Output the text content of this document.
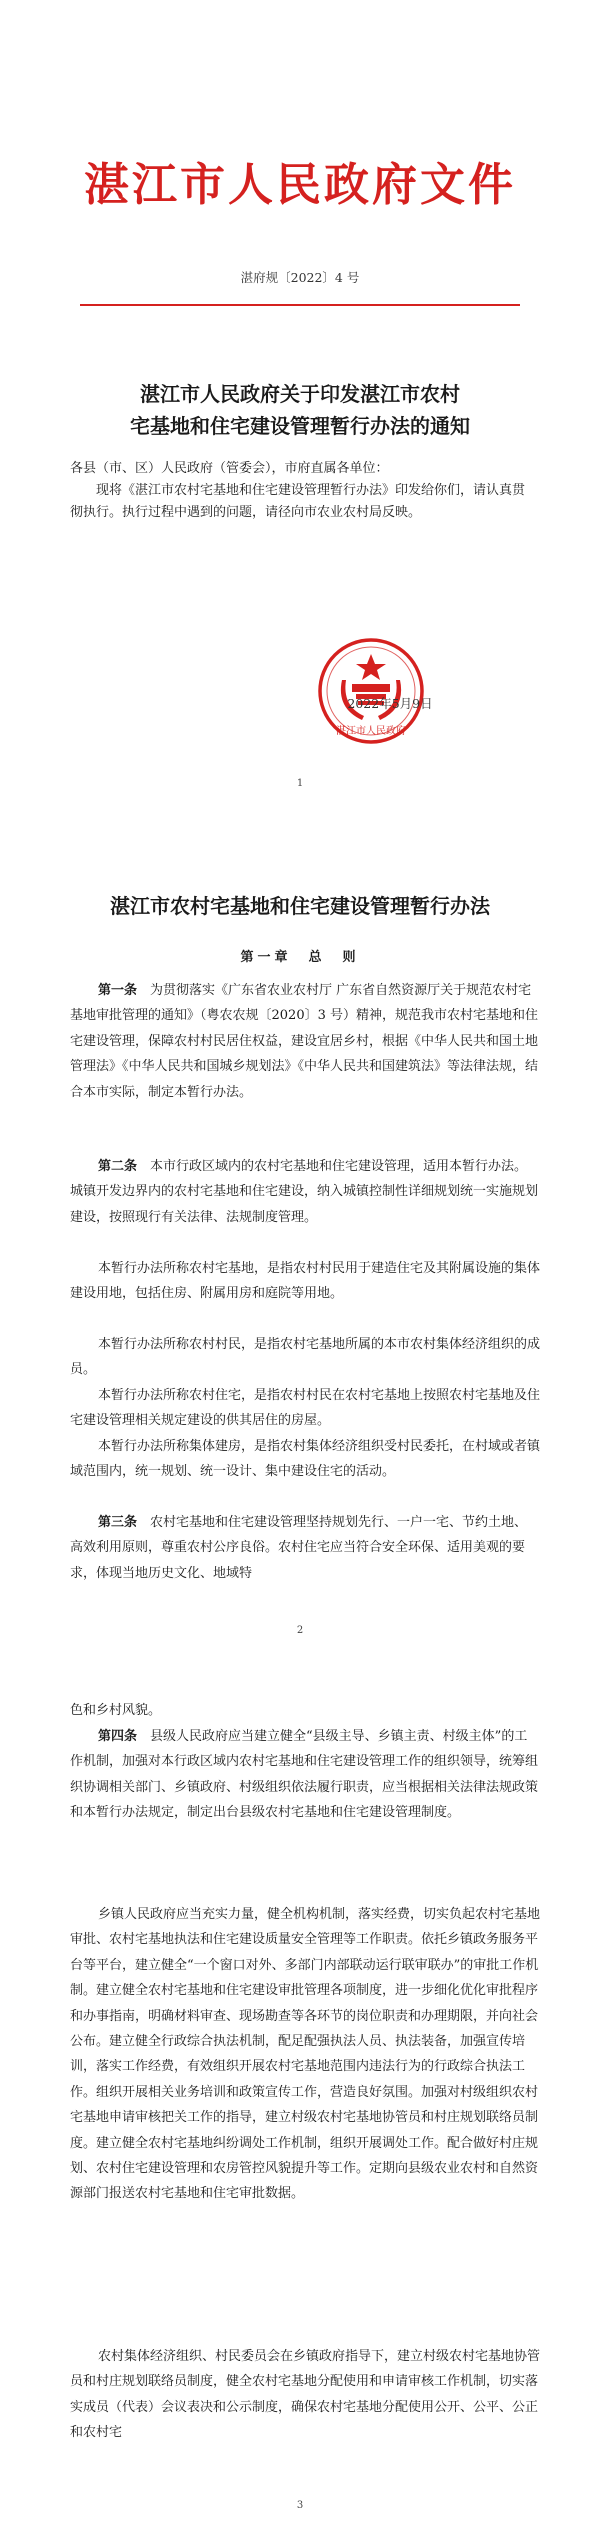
湛江市人民政府文件
湛府规〔2022〕4 号
湛江市人民政府关于印发湛江市农村
宅基地和住宅建设管理暂行办法的通知

各县（市、区）人民政府（管委会），市府直属各单位：

现将《湛江市农村宅基地和住宅建设管理暂行办法》印发给你们，请认真贯彻执行。执行过程中遇到的问题，请径向市农业农村局反映。

湛江市人民政府
2022年5月9日
1
湛江市农村宅基地和住宅建设管理暂行办法
第一章　总　则

第一条　 为贯彻落实《广东省农业农村厅 广东省自然资源厅关于规范农村宅基地审批管理的通知》（粤农农规〔2020〕3 号）精神，规范我市农村宅基地和住宅建设管理，保障农村村民居住权益，建设宜居乡村，根据《中华人民共和国土地管理法》《中华人民共和国城乡规划法》《中华人民共和国建筑法》等法律法规，结合本市实际，制定本暂行办法。

第二条　 本市行政区域内的农村宅基地和住宅建设管理，适用本暂行办法。城镇开发边界内的农村宅基地和住宅建设，纳入城镇控制性详细规划统一实施规划建设，按照现行有关法律、法规制度管理。

本暂行办法所称农村宅基地，是指农村村民用于建造住宅及其附属设施的集体建设用地，包括住房、附属用房和庭院等用地。

本暂行办法所称农村村民，是指农村宅基地所属的本市农村集体经济组织的成员。

本暂行办法所称农村住宅，是指农村村民在农村宅基地上按照农村宅基地及住宅建设管理相关规定建设的供其居住的房屋。

本暂行办法所称集体建房，是指农村集体经济组织受村民委托，在村域或者镇域范围内，统一规划、统一设计、集中建设住宅的活动。

第三条　 农村宅基地和住宅建设管理坚持规划先行、一户一宅、节约土地、高效利用原则，尊重农村公序良俗。农村住宅应当符合安全环保、适用美观的要求，体现当地历史文化、地域特

2

色和乡村风貌。

第四条　 县级人民政府应当建立健全“县级主导、乡镇主责、村级主体”的工作机制，加强对本行政区域内农村宅基地和住宅建设管理工作的组织领导，统筹组织协调相关部门、乡镇政府、村级组织依法履行职责，应当根据相关法律法规政策和本暂行办法规定，制定出台县级农村宅基地和住宅建设管理制度。

乡镇人民政府应当充实力量，健全机构机制，落实经费，切实负起农村宅基地审批、农村宅基地执法和住宅建设质量安全管理等工作职责。依托乡镇政务服务平台等平台，建立健全“一个窗口对外、多部门内部联动运行联审联办”的审批工作机制。建立健全农村宅基地和住宅建设审批管理各项制度，进一步细化优化审批程序和办事指南，明确材料审查、现场勘查等各环节的岗位职责和办理期限，并向社会公布。建立健全行政综合执法机制，配足配强执法人员、执法装备，加强宣传培训，落实工作经费，有效组织开展农村宅基地范围内违法行为的行政综合执法工作。组织开展相关业务培训和政策宣传工作，营造良好氛围。加强对村级组织农村宅基地申请审核把关工作的指导，建立村级农村宅基地协管员和村庄规划联络员制度。建立健全农村宅基地纠纷调处工作机制，组织开展调处工作。配合做好村庄规划、农村住宅建设管理和农房管控风貌提升等工作。定期向县级农业农村和自然资源部门报送农村宅基地和住宅审批数据。

农村集体经济组织、村民委员会在乡镇政府指导下，建立村级农村宅基地协管员和村庄规划联络员制度，健全农村宅基地分配使用和申请审核工作机制，切实落实成员（代表）会议表决和公示制度，确保农村宅基地分配使用公开、公平、公正和农村宅

3
